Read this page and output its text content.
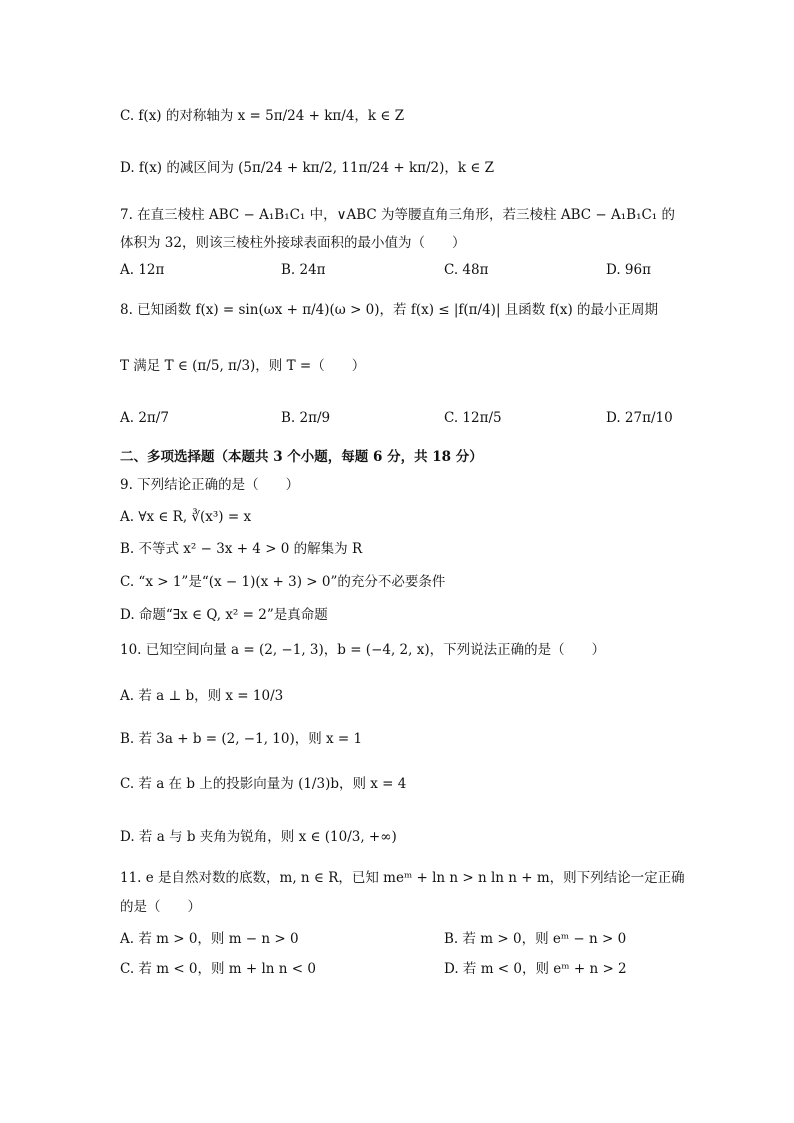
C. f(x) 的对称轴为 x = 5π/24 + kπ/4，k ∈ Z
D. f(x) 的减区间为 (5π/24 + kπ/2, 11π/24 + kπ/2)，k ∈ Z
7. 在直三棱柱 ABC − A₁B₁C₁ 中，∨ABC 为等腰直角三角形，若三棱柱 ABC − A₁B₁C₁ 的
体积为 32，则该三棱柱外接球表面积的最小值为（　　）
A. 12π	B. 24π	C. 48π	D. 96π
8. 已知函数 f(x) = sin(ωx + π/4)(ω > 0)，若 f(x) ≤ |f(π/4)| 且函数 f(x) 的最小正周期
T 满足 T ∈ (π/5, π/3)，则 T =（　　）
A. 2π/7	B. 2π/9	C. 12π/5	D. 27π/10
二、多项选择题（本题共 3 个小题，每题 6 分，共 18 分）
9. 下列结论正确的是（　　）
A. ∀x ∈ R, ∛(x³) = x
B. 不等式 x² − 3x + 4 > 0 的解集为 R
C. “x > 1”是“(x − 1)(x + 3) > 0”的充分不必要条件
D. 命题“∃x ∈ Q, x² = 2”是真命题
10. 已知空间向量 a = (2, −1, 3)，b = (−4, 2, x)，下列说法正确的是（　　）
A. 若 a ⊥ b，则 x = 10/3
B. 若 3a + b = (2, −1, 10)，则 x = 1
C. 若 a 在 b 上的投影向量为 (1/3)b，则 x = 4
D. 若 a 与 b 夹角为锐角，则 x ∈ (10/3, +∞)
11. e 是自然对数的底数，m, n ∈ R，已知 meᵐ + ln n > n ln n + m，则下列结论一定正确
的是（　　）
A. 若 m > 0，则 m − n > 0	B. 若 m > 0，则 eᵐ − n > 0
C. 若 m < 0，则 m + ln n < 0	D. 若 m < 0，则 eᵐ + n > 2
